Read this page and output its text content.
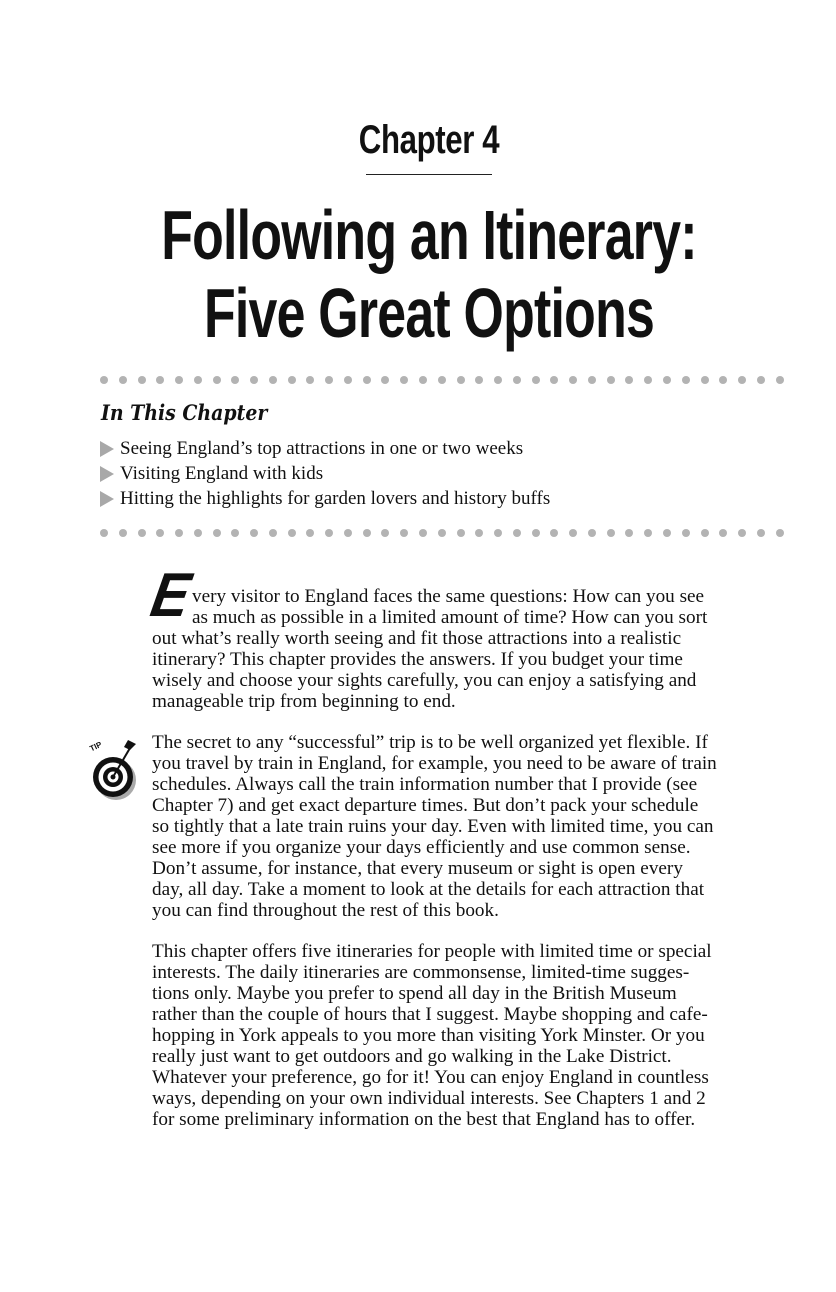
Chapter 4
Following an Itinerary:
Five Great Options
In This Chapter
Seeing England’s top attractions in one or two weeks
Visiting England with kids
Hitting the highlights for garden lovers and history buffs
E
very visitor to England faces the same questions: How can you see
as much as possible in a limited amount of time? How can you sort
out what’s really worth seeing and fit those attractions into a realistic
itinerary? This chapter provides the answers. If you budget your time
wisely and choose your sights carefully, you can enjoy a satisfying and
manageable trip from beginning to end.
TIP	The secret to any “successful” trip is to be well organized yet flexible. If
you travel by train in England, for example, you need to be aware of train
schedules. Always call the train information number that I provide (see
Chapter 7) and get exact departure times. But don’t pack your schedule
so tightly that a late train ruins your day. Even with limited time, you can
see more if you organize your days efficiently and use common sense.
Don’t assume, for instance, that every museum or sight is open every
day, all day. Take a moment to look at the details for each attraction that
you can find throughout the rest of this book.
This chapter offers five itineraries for people with limited time or special
interests. The daily itineraries are commonsense, limited-time sugges-
tions only. Maybe you prefer to spend all day in the British Museum
rather than the couple of hours that I suggest. Maybe shopping and cafe-
hopping in York appeals to you more than visiting York Minster. Or you
really just want to get outdoors and go walking in the Lake District.
Whatever your preference, go for it! You can enjoy England in countless
ways, depending on your own individual interests. See Chapters 1 and 2
for some preliminary information on the best that England has to offer.
